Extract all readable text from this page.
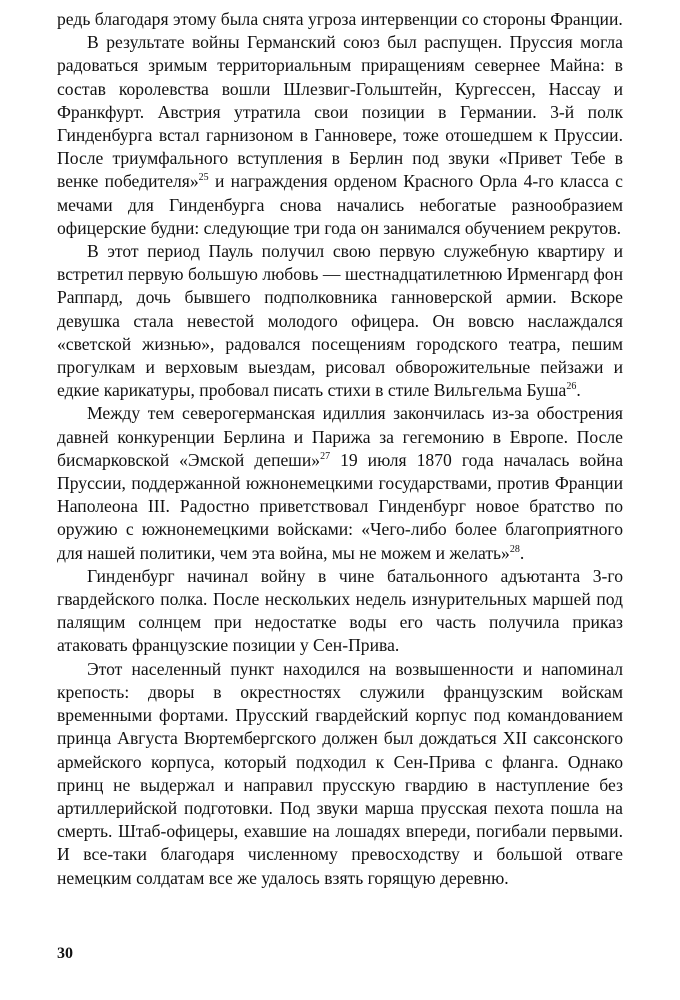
редь благодаря этому была снята угроза интервенции со стороны Франции.

В результате войны Германский союз был распущен. Пруссия могла радоваться зримым территориальным приращениям севернее Майна: в состав королевства вошли Шлезвиг-Гольштейн, Кургессен, Нассау и Франкфурт. Австрия утратила свои позиции в Германии. 3-й полк Гинденбурга встал гарнизоном в Ганновере, тоже отошедшем к Пруссии. После триумфального вступления в Берлин под звуки «Привет Тебе в венке победителя»$^{25}$ и награждения орденом Красного Орла 4-го класса с мечами для Гинденбурга снова начались небогатые разнообразием офицерские будни: следующие три года он занимался обучением рекрутов.

В этот период Пауль получил свою первую служебную квартиру и встретил первую большую любовь — шестнадцатилетнюю Ирменгард фон Раппард, дочь бывшего подполковника ганноверской армии. Вскоре девушка стала невестой молодого офицера. Он вовсю наслаждался «светской жизнью», радовался посещениям городского театра, пешим прогулкам и верховым выездам, рисовал обворожительные пейзажи и едкие карикатуры, пробовал писать стихи в стиле Вильгельма Буша$^{26}$.

Между тем северогерманская идиллия закончилась из-за обострения давней конкуренции Берлина и Парижа за гегемонию в Европе. После бисмарковской «Эмской депеши»$^{27}$ 19 июля 1870 года началась война Пруссии, поддержанной южнонемецкими государствами, против Франции Наполеона III. Радостно приветствовал Гинденбург новое братство по оружию с южнонемецкими войсками: «Чего-либо более благоприятного для нашей политики, чем эта война, мы не можем и желать»$^{28}$.

Гинденбург начинал войну в чине батальонного адъютанта 3-го гвардейского полка. После нескольких недель изнурительных маршей под палящим солнцем при недостатке воды его часть получила приказ атаковать французские позиции у Сен-Прива.

Этот населенный пункт находился на возвышенности и напоминал крепость: дворы в окрестностях служили французским войскам временными фортами. Прусский гвардейский корпус под командованием принца Августа Вюртембергского должен был дождаться XII саксонского армейского корпуса, который подходил к Сен-Прива с фланга. Однако принц не выдержал и направил прусскую гвардию в наступление без артиллерийской подготовки. Под звуки марша прусская пехота пошла на смерть. Штаб-офицеры, ехавшие на лошадях впереди, погибали первыми. И все-таки благодаря численному превосходству и большой отваге немецким солдатам все же удалось взять горящую деревню.

30
